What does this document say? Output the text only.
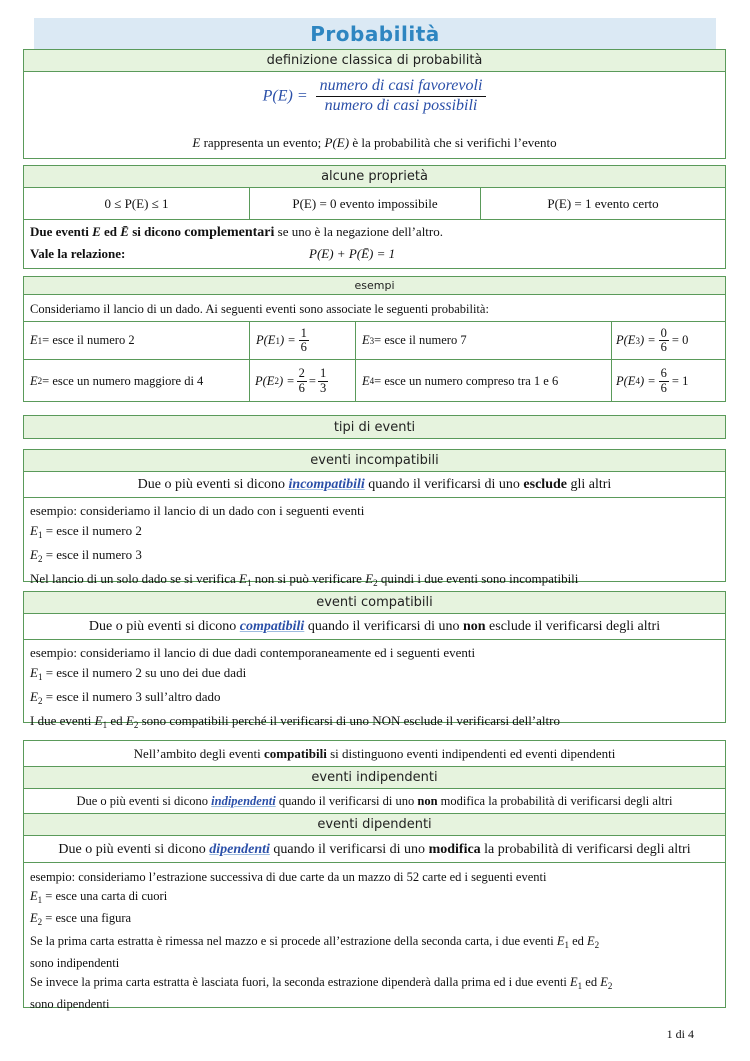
Probabilità
definizione classica di probabilità
$P(E) = \frac{\text{numero di casi favorevoli}}{\text{numero di casi possibili}}$
E rappresenta un evento; P(E) è la probabilità che si verifichi l’evento
alcune proprietà
0 ≤ P(E) ≤ 1	P(E) = 0 evento impossibile	P(E) = 1 evento certo
Due eventi E ed Ē si dicono complementari se uno è la negazione dell’altro.
Vale la relazione:	P(E) + P(Ē) = 1
esempi
Consideriamo il lancio di un dado. Ai seguenti eventi sono associate le seguenti probabilità:
E 1 = esce il numero 2	P(E 1 ) = $\frac{1}{6}$	E 3 = esce il numero 7	P(E 3 ) = $\frac{0}{6} = 0$
E 2 = esce un numero maggiore di 4	P(E 2 ) = $\frac{2}{6} = \frac{1}{3}$	E 4 = esce un numero compreso tra 1 e 6	P(E 4 ) = $\frac{6}{6} = 1$
tipi di eventi
eventi incompatibili
Due o più eventi si dicono incompatibili quando il verificarsi di uno esclude gli altri
esempio: consideriamo il lancio di un dado con i seguenti eventi
$E_1$ = esce il numero 2
$E_2$ = esce il numero 3
Nel lancio di un solo dado se si verifica $E_1$ non si può verificare $E_2$ quindi i due eventi sono incompatibili
eventi compatibili
Due o più eventi si dicono compatibili quando il verificarsi di uno non esclude il verificarsi degli altri
esempio: consideriamo il lancio di due dadi contemporaneamente ed i seguenti eventi
$E_1$ = esce il numero 2 su uno dei due dadi
$E_2$ = esce il numero 3 sull’altro dado
I due eventi $E_1$ ed $E_2$ sono compatibili perché il verificarsi di uno NON esclude il verificarsi dell’altro
Nell’ambito degli eventi compatibili si distinguono eventi indipendenti ed eventi dipendenti
eventi indipendenti
Due o più eventi si dicono indipendenti quando il verificarsi di uno non modifica la probabilità di verificarsi degli altri
eventi dipendenti
Due o più eventi si dicono dipendenti quando il verificarsi di uno modifica la probabilità di verificarsi degli altri
esempio: consideriamo l’estrazione successiva di due carte da un mazzo di 52 carte ed i seguenti eventi
$E_1$ = esce una carta di cuori
$E_2$ = esce una figura
Se la prima carta estratta è rimessa nel mazzo e si procede all’estrazione della seconda carta, i due eventi $E_1$ ed $E_2$
sono indipendenti
Se invece la prima carta estratta è lasciata fuori, la seconda estrazione dipenderà dalla prima ed i due eventi $E_1$ ed $E_2$
sono dipendenti
1 di 4
